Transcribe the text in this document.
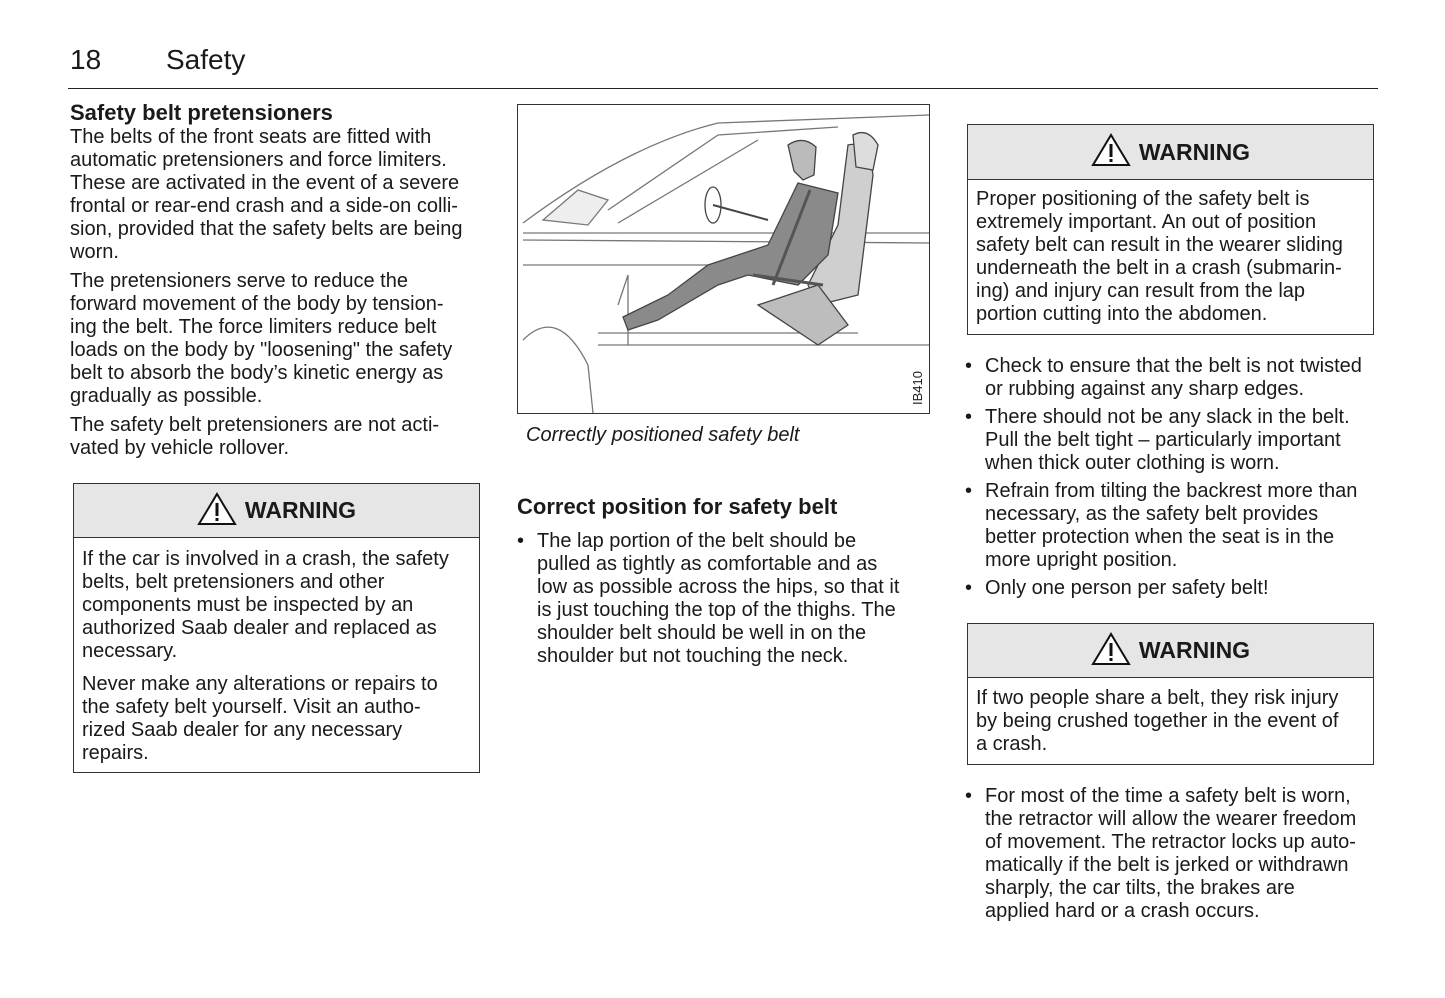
18 Safety
Safety belt pretensioners
The belts of the front seats are fitted with
automatic pretensioners and force limiters.
These are activated in the event of a severe
frontal or rear-end crash and a side-on colli-
sion, provided that the safety belts are being
worn.
The pretensioners serve to reduce the
forward movement of the body by tension-
ing the belt. The force limiters reduce belt
loads on the body by "loosening" the safety
belt to absorb the body’s kinetic energy as
gradually as possible.
The safety belt pretensioners are not acti-
vated by vehicle rollover.
WARNING
If the car is involved in a crash, the safety
belts, belt pretensioners and other
components must be inspected by an
authorized Saab dealer and replaced as
necessary.
Never make any alterations or repairs to
the safety belt yourself. Visit an autho-
rized Saab dealer for any necessary
repairs.
IB410
Correctly positioned safety belt
Correct position for safety belt
• The lap portion of the belt should be
pulled as tightly as comfortable and as
low as possible across the hips, so that it
is just touching the top of the thighs. The
shoulder belt should be well in on the
shoulder but not touching the neck.
WARNING
Proper positioning of the safety belt is
extremely important. An out of position
safety belt can result in the wearer sliding
underneath the belt in a crash (submarin-
ing) and injury can result from the lap
portion cutting into the abdomen.
• Check to ensure that the belt is not twisted
or rubbing against any sharp edges.
• There should not be any slack in the belt.
Pull the belt tight – particularly important
when thick outer clothing is worn.
• Refrain from tilting the backrest more than
necessary, as the safety belt provides
better protection when the seat is in the
more upright position.
• Only one person per safety belt!
WARNING
If two people share a belt, they risk injury
by being crushed together in the event of
a crash.
• For most of the time a safety belt is worn,
the retractor will allow the wearer freedom
of movement. The retractor locks up auto-
matically if the belt is jerked or withdrawn
sharply, the car tilts, the brakes are
applied hard or a crash occurs.
